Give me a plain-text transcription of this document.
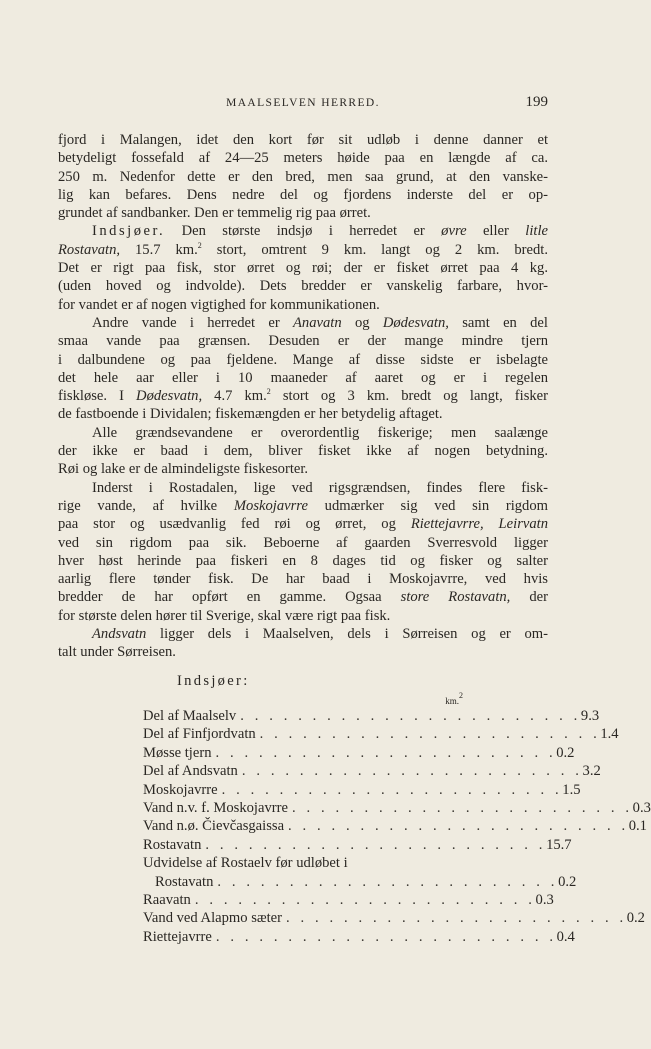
MAALSELVEN HERRED.	199

fjord i Malangen, idet den kort før sit udløb i denne danner et

betydeligt fossefald af 24—25 meters høide paa en længde af ca.

250 m. Nedenfor dette er den bred, men saa grund, at den vanske-

lig kan befares. Dens nedre del og fjordens inderste del er op-

grundet af sandbanker. Den er temmelig rig paa ørret.

Indsjøer. Den største indsjø i herredet er øvre eller litle

Rostavatn, 15.7 km.$^2$ stort, omtrent 9 km. langt og 2 km. bredt.

Det er rigt paa fisk, stor ørret og røi; der er fisket ørret paa 4 kg.

(uden hoved og indvolde). Dets bredder er vanskelig farbare, hvor-

for vandet er af nogen vigtighed for kommunikationen.

Andre vande i herredet er Anavatn og Dødesvatn, samt en del

smaa vande paa grænsen. Desuden er der mange mindre tjern

i dalbundene og paa fjeldene. Mange af disse sidste er isbelagte

det hele aar eller i 10 maaneder af aaret og er i regelen

fiskløse. I Dødesvatn, 4.7 km.$^2$ stort og 3 km. bredt og langt, fisker

de fastboende i Dividalen; fiskemængden er her betydelig aftaget.

Alle grændsevandene er overordentlig fiskerige; men saalænge

der ikke er baad i dem, bliver fisket ikke af nogen betydning.

Røi og lake er de almindeligste fiskesorter.

Inderst i Rostadalen, lige ved rigsgrændsen, findes flere fisk-

rige vande, af hvilke Moskojavrre udmærker sig ved sin rigdom

paa stor og usædvanlig fed røi og ørret, og Riettejavrre, Leirvatn

ved sin rigdom paa sik. Beboerne af gaarden Sverresvold ligger

hver høst herinde paa fiskeri en 8 dages tid og fisker og salter

aarlig flere tønder fisk. De har baad i Moskojavrre, ved hvis

bredder de har opført en gamme. Ogsaa store Rostavatn, der

for største delen hører til Sverige, skal være rigt paa fisk.

Andsvatn ligger dels i Maalselven, dels i Sørreisen og er om-

talt under Sørreisen.

Indsjøer:
km.$^2$
Del af Maalselv . . . . . . . . . . . . . . . . . . . . . . . . 9.3
Del af Finfjordvatn . . . . . . . . . . . . . . . . . . . . . . . . 1.4
Møsse tjern . . . . . . . . . . . . . . . . . . . . . . . . 0.2
Del af Andsvatn . . . . . . . . . . . . . . . . . . . . . . . . 3.2
Moskojavrre . . . . . . . . . . . . . . . . . . . . . . . . 1.5
Vand n.v. f. Moskojavrre . . . . . . . . . . . . . . . . . . . . . . . . 0.3
Vand n.ø. Čievčasgaissa . . . . . . . . . . . . . . . . . . . . . . . . 0.1
Rostavatn . . . . . . . . . . . . . . . . . . . . . . . . 15.7
Udvidelse af Rostaelv før udløbet i
Rostavatn . . . . . . . . . . . . . . . . . . . . . . . . 0.2
Raavatn . . . . . . . . . . . . . . . . . . . . . . . . 0.3
Vand ved Alapmo sæter . . . . . . . . . . . . . . . . . . . . . . . . 0.2
Riettejavrre . . . . . . . . . . . . . . . . . . . . . . . . 0.4
